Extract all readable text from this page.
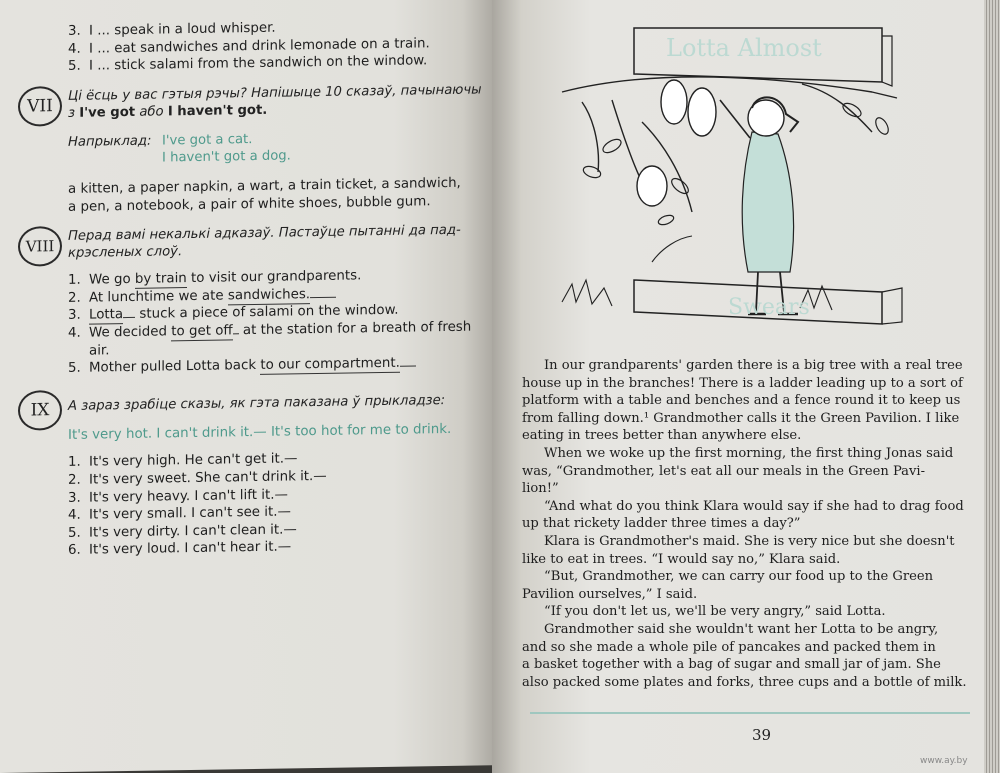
3. I ... speak in a loud whisper.
4. I ... eat sandwiches and drink lemonade on a train.
5. I ... stick salami from the sandwich on the window.
VII
Ці ёсць у вас гэтыя рэчы? Напішыце 10 сказаў, пачынаючы
з I've got або I haven't got.
Напрыклад: I've got a cat.
I haven't got a dog.
a kitten, a paper napkin, a wart, a train ticket, a sandwich,
a pen, a notebook, a pair of white shoes, bubble gum.
VIII
Перад вамі некалькі адказаў. Пастаўце пытанні да пад-
крэсленых слоў.
1. We go by train to visit our grandparents.
2. At lunchtime we ate sandwiches.
3. Lotta stuck a piece of salami on the window.
4. We decided to get off at the station for a breath of fresh
air.
5. Mother pulled Lotta back to our compartment.
IX	А зараз зрабіце сказы, як гэта паказана ў прыкладзе:
It's very hot. I can't drink it.— It's too hot for me to drink.
1. It's very high. He can't get it.—
2. It's very sweet. She can't drink it.—
3. It's very heavy. I can't lift it.—
4. It's very small. I can't see it.—
5. It's very dirty. I can't clean it.—
6. It's very loud. I can't hear it.—
Lotta Almost
Swears

In our grandparents' garden there is a big tree with a real tree

house up in the branches! There is a ladder leading up to a sort of

platform with a table and benches and a fence round it to keep us

from falling down.¹ Grandmother calls it the Green Pavilion. I like

eating in trees better than anywhere else.

When we woke up the first morning, the first thing Jonas said

was, “Grandmother, let's eat all our meals in the Green Pavi-

lion!”

“And what do you think Klara would say if she had to drag food

up that rickety ladder three times a day?”

Klara is Grandmother's maid. She is very nice but she doesn't

like to eat in trees. “I would say no,” Klara said.

“But, Grandmother, we can carry our food up to the Green

Pavilion ourselves,” I said.

“If you don't let us, we'll be very angry,” said Lotta.

Grandmother said she wouldn't want her Lotta to be angry,

and so she made a whole pile of pancakes and packed them in

a basket together with a bag of sugar and small jar of jam. She

also packed some plates and forks, three cups and a bottle of milk.

39
www.ay.by
